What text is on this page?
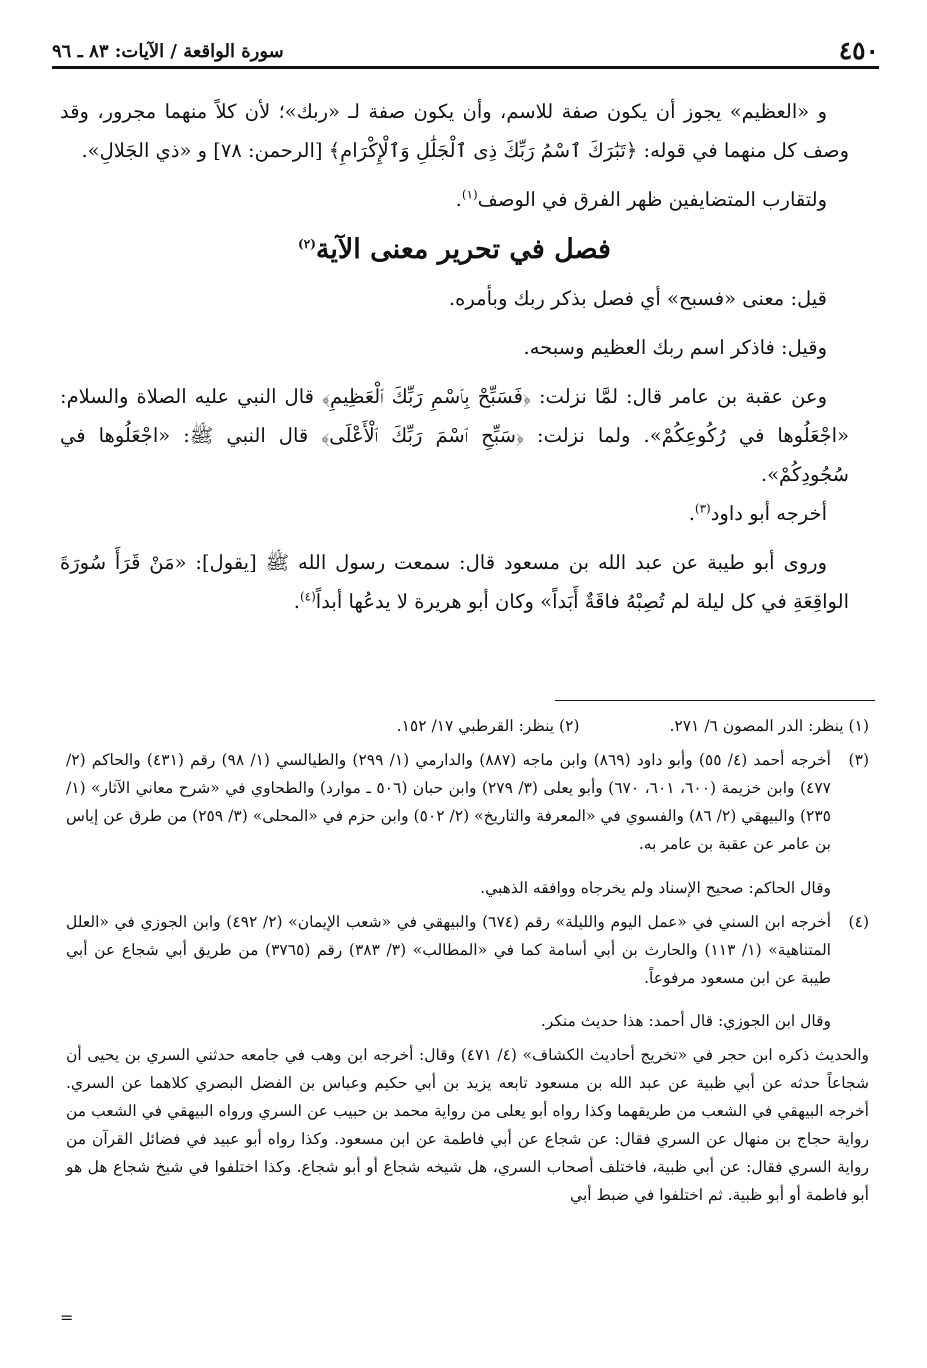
٤٥٠
سورة الواقعة / الآيات: ٨٣ ـ ٩٦

و «العظيم» يجوز أن يكون صفة للاسم، وأن يكون صفة لـ «ربك»؛ لأن كلاً منهما مجرور، وقد وصف كل منهما في قوله: ﴿تَبَٰرَكَ ٱسْمُ رَبِّكَ ذِى ٱلْجَلَٰلِ وَٱلْإِكْرَامِ﴾ [الرحمن: ٧٨] و «ذي الجَلالِ».

ولتقارب المتضايفين ظهر الفرق في الوصف$^{(١)}$.

فصل في تحرير معنى الآية$^{(٢)}$

قيل: معنى «فسبح» أي فصل بذكر ربك وبأمره.

وقيل: فاذكر اسم ربك العظيم وسبحه.

وعن عقبة بن عامر قال: لمَّا نزلت: ﴿فَسَبِّحْ بِٱسْمِ رَبِّكَ ٱلْعَظِيمِ﴾ قال النبي عليه الصلاة والسلام: «اجْعَلُوها في رُكُوعِكُمْ». ولما نزلت: ﴿سَبِّحِ ٱسْمَ رَبِّكَ ٱلْأَعْلَى﴾ قال النبي ﷺ: «اجْعَلُوها في سُجُودِكُمْ».

أخرجه أبو داود$^{(٣)}$.

وروى أبو طيبة عن عبد الله بن مسعود قال: سمعت رسول الله ﷺ [يقول]: «مَنْ قَرَأَ سُورَةَ الواقِعَةِ في كل ليلة لم تُصِبْهُ فاقَةٌ أَبَداً» وكان أبو هريرة لا يدعُها أبداً$^{(٤)}$.

(١) ينظر: الدر المصون ٦/ ٢٧١.
(٢) ينظر: القرطبي ١٧/ ١٥٢.
(٣)
أخرجه أحمد (٤/ ٥٥) وأبو داود (٨٦٩) وابن ماجه (٨٨٧) والدارمي (١/ ٢٩٩) والطيالسي (١/ ٩٨) رقم (٤٣١) والحاكم (٢/ ٤٧٧) وابن خزيمة (٦٠٠، ٦٠١، ٦٧٠) وأبو يعلى (٣/ ٢٧٩) وابن حبان (٥٠٦ ـ موارد) والطحاوي في «شرح معاني الآثار» (١/ ٢٣٥) والبيهقي (٢/ ٨٦) والفسوي في «المعرفة والتاريخ» (٢/ ٥٠٢) وابن حزم في «المحلى» (٣/ ٢٥٩) من طرق عن إياس بن عامر عن عقبة بن عامر به.

وقال الحاكم: صحيح الإسناد ولم يخرجاه ووافقه الذهبي.

(٤)
أخرجه ابن السني في «عمل اليوم والليلة» رقم (٦٧٤) والبيهقي في «شعب الإيمان» (٢/ ٤٩٢) وابن الجوزي في «العلل المتناهية» (١/ ١١٣) والحارث بن أبي أسامة كما في «المطالب» (٣/ ٣٨٣) رقم (٣٧٦٥) من طريق أبي شجاع عن أبي طيبة عن ابن مسعود مرفوعاً.

وقال ابن الجوزي: قال أحمد: هذا حديث منكر.

والحديث ذكره ابن حجر في «تخريج أحاديث الكشاف» (٤/ ٤٧١) وقال: أخرجه ابن وهب في جامعه حدثني السري بن يحيى أن شجاعاً حدثه عن أبي ظبية عن عبد الله بن مسعود تابعه يزيد بن أبي حكيم وعباس بن الفضل البصري كلاهما عن السري. أخرجه البيهقي في الشعب من طريقهما وكذا رواه أبو يعلى من رواية محمد بن حبيب عن السري ورواه البيهقي في الشعب من رواية حجاج بن منهال عن السري فقال: عن شجاع عن أبي فاطمة عن ابن مسعود. وكذا رواه أبو عبيد في فضائل القرآن من رواية السري فقال: عن أبي ظبية، فاختلف أصحاب السري، هل شيخه شجاع أو أبو شجاع. وكذا اختلفوا في شيخ شجاع هل هو أبو فاطمة أو أبو ظبية. ثم اختلفوا في ضبط أبي

=
